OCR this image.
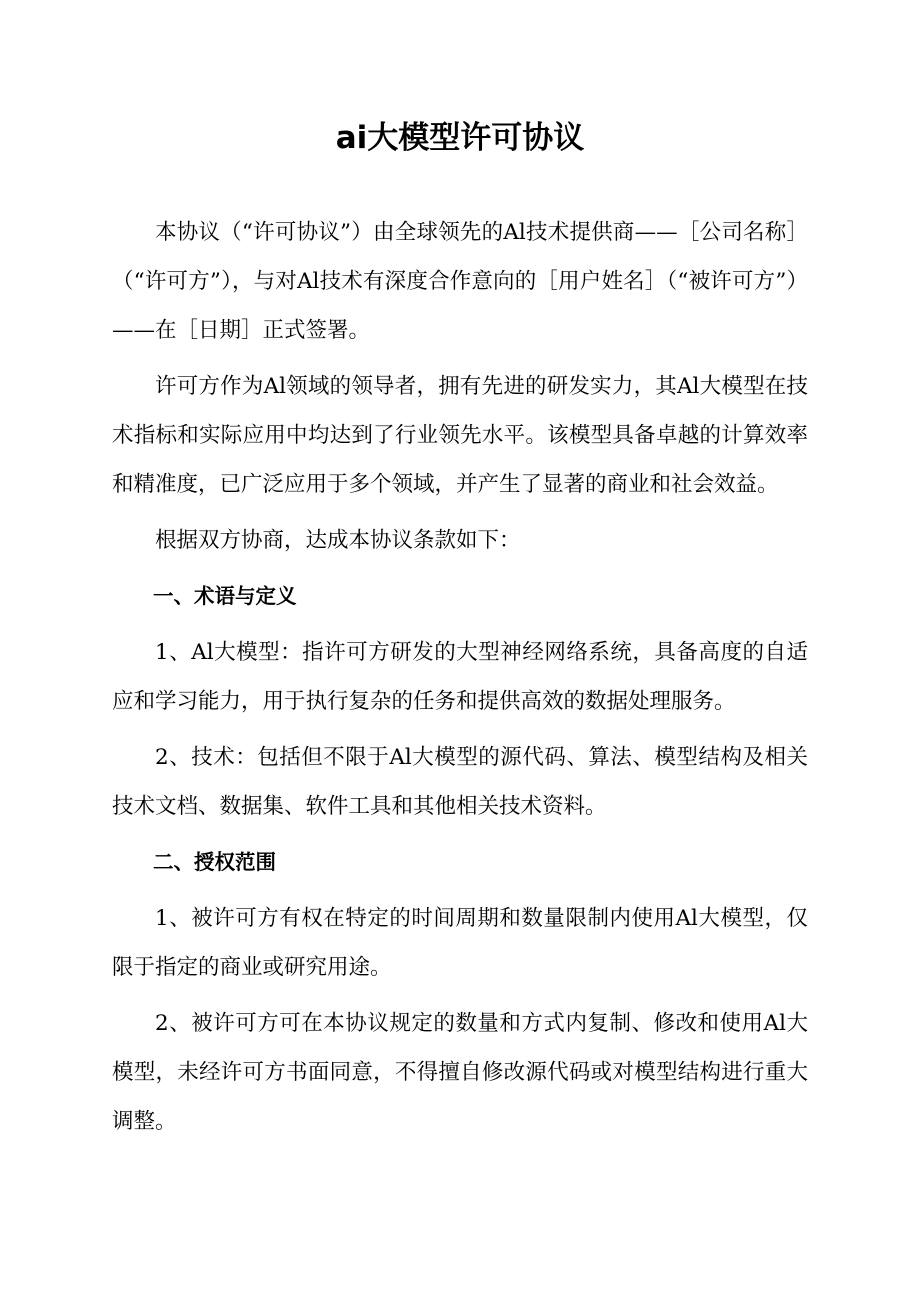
ai大模型许可协议

本协议（“许可协议”）由全球领先的Al技术提供商——［公司名称］（“许可方”），与对Al技术有深度合作意向的［用户姓名］（“被许可方”）——在［日期］正式签署。

许可方作为Al领域的领导者，拥有先进的研发实力，其Al大模型在技术指标和实际应用中均达到了行业领先水平。该模型具备卓越的计算效率和精准度，已广泛应用于多个领域，并产生了显著的商业和社会效益。

根据双方协商，达成本协议条款如下：

一、术语与定义

1、Al大模型：指许可方研发的大型神经网络系统，具备高度的自适应和学习能力，用于执行复杂的任务和提供高效的数据处理服务。

2、技术：包括但不限于Al大模型的源代码、算法、模型结构及相关技术文档、数据集、软件工具和其他相关技术资料。

二、授权范围

1、被许可方有权在特定的时间周期和数量限制内使用Al大模型，仅限于指定的商业或研究用途。

2、被许可方可在本协议规定的数量和方式内复制、修改和使用Al大模型，未经许可方书面同意，不得擅自修改源代码或对模型结构进行重大调整。
